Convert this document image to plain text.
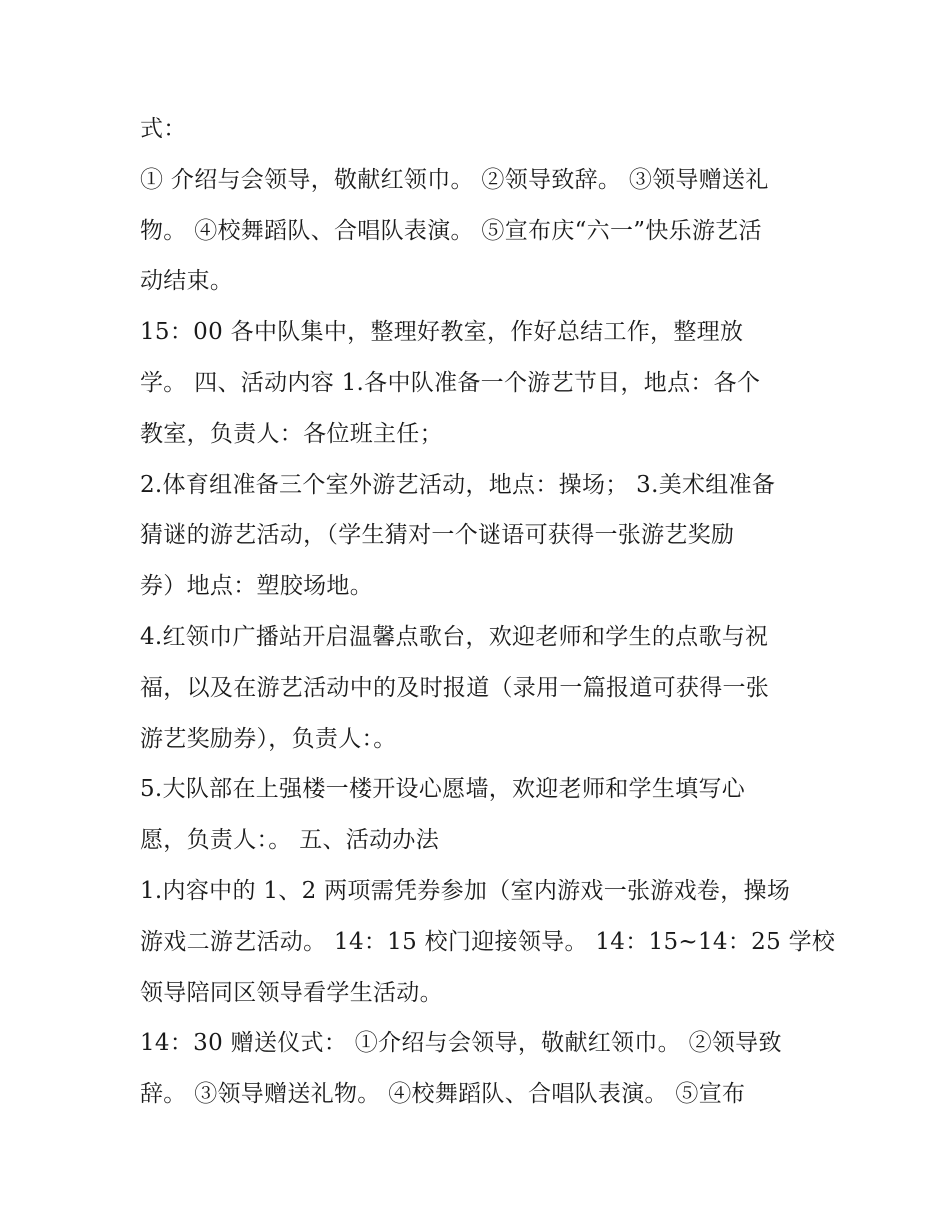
式：
① 介绍与会领导，敬献红领巾。 ②领导致辞。 ③领导赠送礼
物。 ④校舞蹈队、合唱队表演。 ⑤宣布庆“六一”快乐游艺活
动结束。
15：00 各中队集中，整理好教室，作好总结工作，整理放
学。 四、活动内容 1.各中队准备一个游艺节目，地点：各个
教室，负责人：各位班主任；
2.体育组准备三个室外游艺活动，地点：操场； 3.美术组准备
猜谜的游艺活动，（学生猜对一个谜语可获得一张游艺奖励
券）地点：塑胶场地。
4.红领巾广播站开启温馨点歌台，欢迎老师和学生的点歌与祝
福，以及在游艺活动中的及时报道（录用一篇报道可获得一张
游艺奖励券），负责人：。
5.大队部在上强楼一楼开设心愿墙，欢迎老师和学生填写心
愿，负责人：。 五、活动办法
1.内容中的 1、2 两项需凭券参加（室内游戏一张游戏卷，操场
游戏二游艺活动。 14：15 校门迎接领导。 14：15~14：25 学校
领导陪同区领导看学生活动。
14：30 赠送仪式： ①介绍与会领导，敬献红领巾。 ②领导致
辞。 ③领导赠送礼物。 ④校舞蹈队、合唱队表演。 ⑤宣布
